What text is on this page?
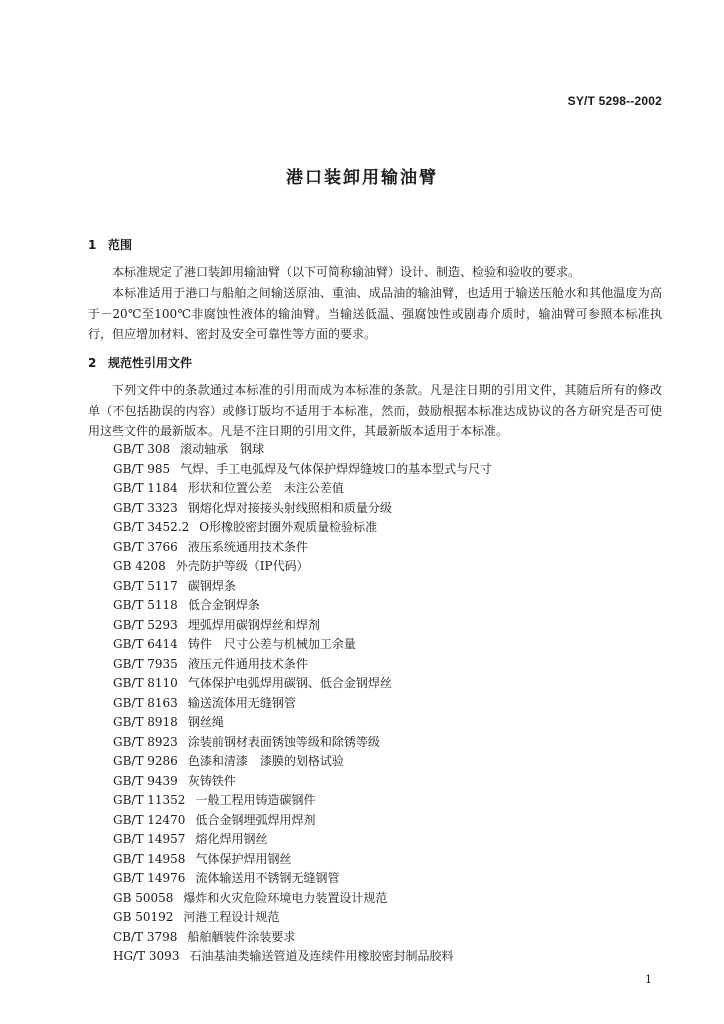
SY/T 5298--2002
港口装卸用输油臂
1 范围

本标准规定了港口装卸用输油臂（以下可简称输油臂）设计、制造、检验和验收的要求。

本标准适用于港口与船舶之间输送原油、重油、成品油的输油臂，也适用于输送压舱水和其他温度为高于－20℃至100℃非腐蚀性液体的输油臂。当输送低温、强腐蚀性或剧毒介质时，输油臂可参照本标准执行，但应增加材料、密封及安全可靠性等方面的要求。

2 规范性引用文件

下列文件中的条款通过本标准的引用而成为本标准的条款。凡是注日期的引用文件，其随后所有的修改单（不包括勘误的内容）或修订版均不适用于本标准，然而，鼓励根据本标准达成协议的各方研究是否可使用这些文件的最新版本。凡是不注日期的引用文件，其最新版本适用于本标准。

GB/T 308 滚动轴承　钢球
GB/T 985 气焊、手工电弧焊及气体保护焊焊缝坡口的基本型式与尺寸
GB/T 1184 形状和位置公差　未注公差值
GB/T 3323 钢熔化焊对接接头射线照相和质量分级
GB/T 3452.2 O形橡胶密封圈外观质量检验标准
GB/T 3766 液压系统通用技术条件
GB 4208 外壳防护等级（IP代码）
GB/T 5117 碳钢焊条
GB/T 5118 低合金钢焊条
GB/T 5293 埋弧焊用碳钢焊丝和焊剂
GB/T 6414 铸件　尺寸公差与机械加工余量
GB/T 7935 液压元件通用技术条件
GB/T 8110 气体保护电弧焊用碳钢、低合金钢焊丝
GB/T 8163 输送流体用无缝钢管
GB/T 8918 钢丝绳
GB/T 8923 涂装前钢材表面锈蚀等级和除锈等级
GB/T 9286 色漆和清漆　漆膜的划格试验
GB/T 9439 灰铸铁件
GB/T 11352 一般工程用铸造碳钢件
GB/T 12470 低合金钢埋弧焊用焊剂
GB/T 14957 熔化焊用钢丝
GB/T 14958 气体保护焊用钢丝
GB/T 14976 流体输送用不锈钢无缝钢管
GB 50058 爆炸和火灾危险环境电力装置设计规范
GB 50192 河港工程设计规范
CB/T 3798 船舶舾装件涂装要求
HG/T 3093 石油基油类输送管道及连续件用橡胶密封制品胶料
1
